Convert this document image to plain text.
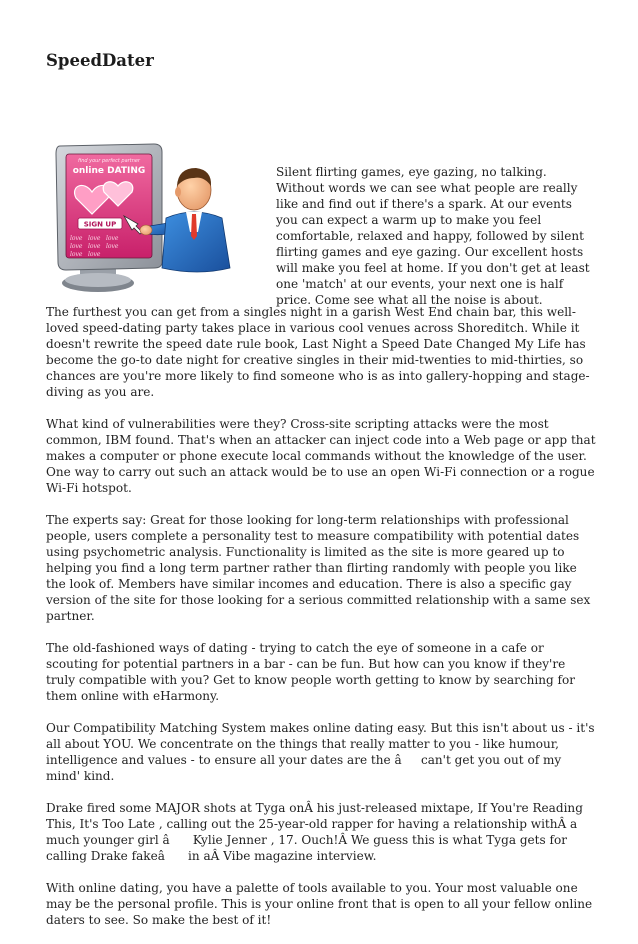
SpeedDater
find your perfect partner
online DATING
SIGN UP
love love love
love love love
love love

Silent flirting games, eye gazing, no talking. Without words we can see what people are really like and find out if there's a spark. At our events you can expect a warm up to make you feel comfortable, relaxed and happy, followed by silent flirting games and eye gazing. Our excellent hosts will make you feel at home. If you don't get at least one 'match' at our events, your next one is half price. Come see what all the noise is about.

The furthest you can get from a singles night in a garish West End chain bar, this well-loved speed-dating party takes place in various cool venues across Shoreditch. While it doesn't rewrite the speed date rule book, Last Night a Speed Date Changed My Life has become the go-to date night for creative singles in their mid-twenties to mid-thirties, so chances are you're more likely to find someone who is as into gallery-hopping and stage-diving as you are.

What kind of vulnerabilities were they? Cross-site scripting attacks were the most common, IBM found. That's when an attacker can inject code into a Web page or app that makes a computer or phone execute local commands without the knowledge of the user. One way to carry out such an attack would be to use an open Wi-Fi connection or a rogue Wi-Fi hotspot.

The experts say: Great for those looking for long-term relationships with professional people, users complete a personality test to measure compatibility with potential dates using psychometric analysis. Functionality is limited as the site is more geared up to helping you find a long term partner rather than flirting randomly with people you like the look of. Members have similar incomes and education. There is also a specific gay version of the site for those looking for a serious committed relationship with a same sex partner.

The old-fashioned ways of dating - trying to catch the eye of someone in a cafe or scouting for potential partners in a bar - can be fun. But how can you know if they're truly compatible with you? Get to know people worth getting to know by searching for them online with eHarmony.

Our Compatibility Matching System makes online dating easy. But this isn't about us - it's all about YOU. We concentrate on the things that really matter to you - like humour, intelligence and values - to ensure all your dates are the âcan't get you out of my mind' kind.

Drake fired some MAJOR shots at Tyga onÂ his just-released mixtape, If You're Reading This, It's Too Late , calling out the 25-year-old rapper for having a relationship withÂ a much younger girl â Kylie Jenner , 17. Ouch!Â We guess this is what Tyga gets for calling Drake fakeâ in aÂ Vibe magazine interview.

With online dating, you have a palette of tools available to you. Your most valuable one may be the personal profile. This is your online front that is open to all your fellow online daters to see. So make the best of it!
